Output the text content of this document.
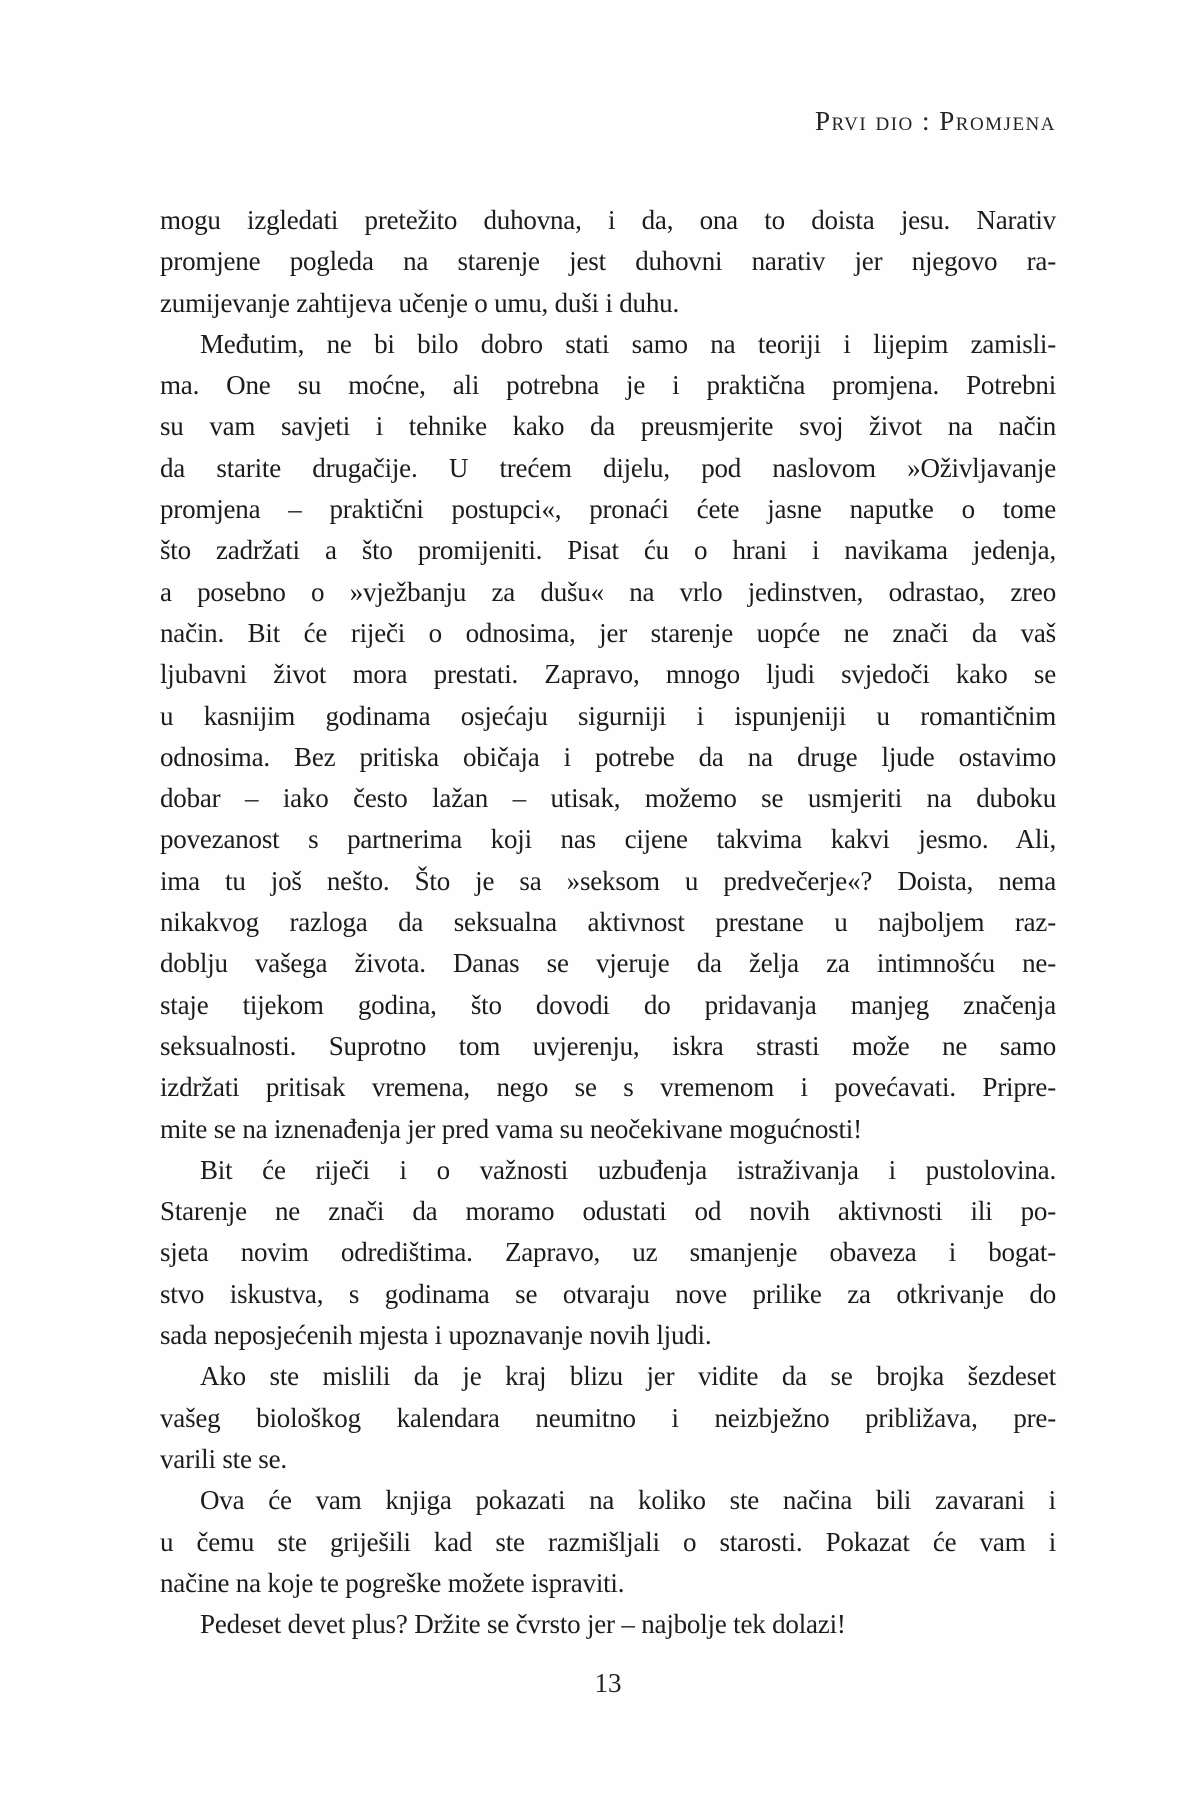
Prvi dio : Promjena
mogu izgledati pretežito duhovna, i da, ona to doista jesu. Narativ
promjene pogleda na starenje jest duhovni narativ jer njegovo ra-
zumijevanje zahtijeva učenje o umu, duši i duhu.
Međutim, ne bi bilo dobro stati samo na teoriji i lijepim zamisli-
ma. One su moćne, ali potrebna je i praktična promjena. Potrebni
su vam savjeti i tehnike kako da preusmjerite svoj život na način
da starite drugačije. U trećem dijelu, pod naslovom »Oživljavanje
promjena – praktični postupci«, pronaći ćete jasne naputke o tome
što zadržati a što promijeniti. Pisat ću o hrani i navikama jedenja,
a posebno o »vježbanju za dušu« na vrlo jedinstven, odrastao, zreo
način. Bit će riječi o odnosima, jer starenje uopće ne znači da vaš
ljubavni život mora prestati. Zapravo, mnogo ljudi svjedoči kako se
u kasnijim godinama osjećaju sigurniji i ispunjeniji u romantičnim
odnosima. Bez pritiska običaja i potrebe da na druge ljude ostavimo
dobar – iako često lažan – utisak, možemo se usmjeriti na duboku
povezanost s partnerima koji nas cijene takvima kakvi jesmo. Ali,
ima tu još nešto. Što je sa »seksom u predvečerje«? Doista, nema
nikakvog razloga da seksualna aktivnost prestane u najboljem raz-
doblju vašega života. Danas se vjeruje da želja za intimnošću ne-
staje tijekom godina, što dovodi do pridavanja manjeg značenja
seksualnosti. Suprotno tom uvjerenju, iskra strasti može ne samo
izdržati pritisak vremena, nego se s vremenom i povećavati. Pripre-
mite se na iznenađenja jer pred vama su neočekivane mogućnosti!
Bit će riječi i o važnosti uzbuđenja istraživanja i pustolovina.
Starenje ne znači da moramo odustati od novih aktivnosti ili po-
sjeta novim odredištima. Zapravo, uz smanjenje obaveza i bogat-
stvo iskustva, s godinama se otvaraju nove prilike za otkrivanje do
sada neposjećenih mjesta i upoznavanje novih ljudi.
Ako ste mislili da je kraj blizu jer vidite da se brojka šezdeset
vašeg biološkog kalendara neumitno i neizbježno približava, pre-
varili ste se.
Ova će vam knjiga pokazati na koliko ste načina bili zavarani i
u čemu ste griješili kad ste razmišljali o starosti. Pokazat će vam i
načine na koje te pogreške možete ispraviti.
Pedeset devet plus? Držite se čvrsto jer – najbolje tek dolazi!
13
